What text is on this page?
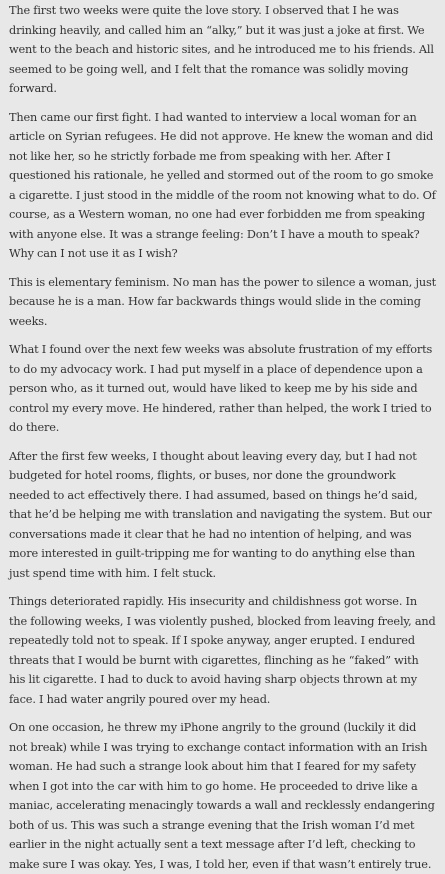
The first two weeks were quite the love story. I observed that I he was drinking heavily, and called him an “alky,” but it was just a joke at first. We went to the beach and historic sites, and he introduced me to his friends. All seemed to be going well, and I felt that the romance was solidly moving forward.

Then came our first fight. I had wanted to interview a local woman for an article on Syrian refugees. He did not approve. He knew the woman and did not like her, so he strictly forbade me from speaking with her. After I questioned his rationale, he yelled and stormed out of the room to go smoke a cigarette. I just stood in the middle of the room not knowing what to do. Of course, as a Western woman, no one had ever forbidden me from speaking with anyone else. It was a strange feeling: Don’t I have a mouth to speak? Why can I not use it as I wish?

This is elementary feminism. No man has the power to silence a woman, just because he is a man. How far backwards things would slide in the coming weeks.

What I found over the next few weeks was absolute frustration of my efforts to do my advocacy work. I had put myself in a place of dependence upon a person who, as it turned out, would have liked to keep me by his side and control my every move. He hindered, rather than helped, the work I tried to do there.

After the first few weeks, I thought about leaving every day, but I had not budgeted for hotel rooms, flights, or buses, nor done the groundwork needed to act effectively there. I had assumed, based on things he’d said, that he’d be helping me with translation and navigating the system. But our conversations made it clear that he had no intention of helping, and was more interested in guilt-tripping me for wanting to do anything else than just spend time with him. I felt stuck.

Things deteriorated rapidly. His insecurity and childishness got worse. In the following weeks, I was violently pushed, blocked from leaving freely, and repeatedly told not to speak. If I spoke anyway, anger erupted. I endured threats that I would be burnt with cigarettes, flinching as he “faked” with his lit cigarette. I had to duck to avoid having sharp objects thrown at my face. I had water angrily poured over my head.

On one occasion, he threw my iPhone angrily to the ground (luckily it did not break) while I was trying to exchange contact information with an Irish woman. He had such a strange look about him that I feared for my safety when I got into the car with him to go home. He proceeded to drive like a maniac, accelerating menacingly towards a wall and recklessly endangering both of us. This was such a strange evening that the Irish woman I’d met earlier in the night actually sent a text message after I’d left, checking to make sure I was okay. Yes, I was, I told her, even if that wasn’t entirely true.
